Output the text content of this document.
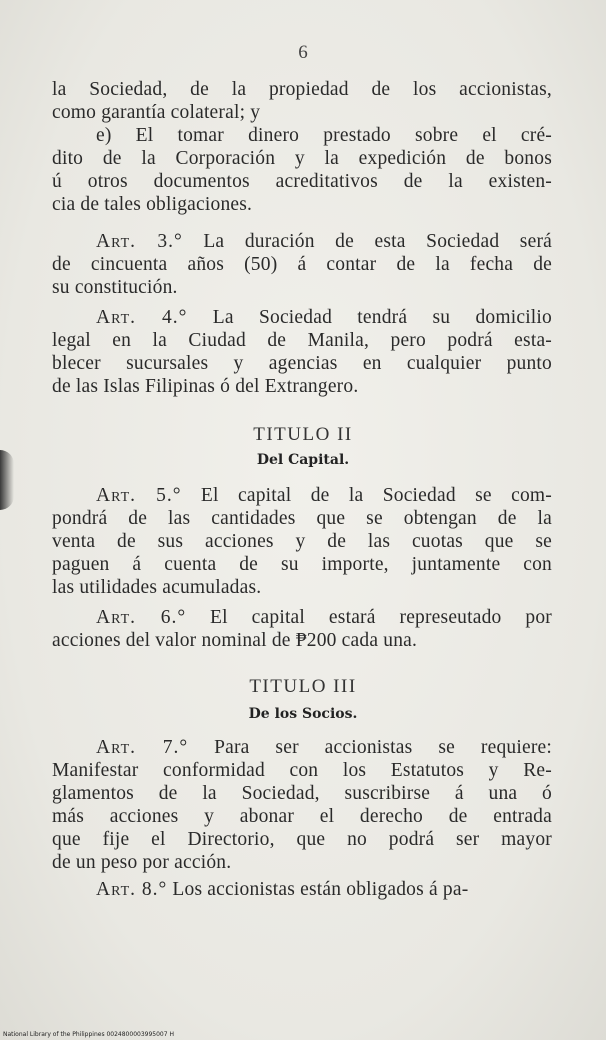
6
la Sociedad, de la propiedad de los accionistas,
como garantía colateral; y
e) El tomar dinero prestado sobre el cré-
dito de la Corporación y la expedición de bonos
ú otros documentos acreditativos de la existen-
cia de tales obligaciones.
Art. 3.° La duración de esta Sociedad será
de cincuenta años (50) á contar de la fecha de
su constitución.
Art. 4.° La Sociedad tendrá su domicilio
legal en la Ciudad de Manila, pero podrá esta-
blecer sucursales y agencias en cualquier punto
de las Islas Filipinas ó del Extrangero.
TITULO II
Del Capital.
Art. 5.° El capital de la Sociedad se com-
pondrá de las cantidades que se obtengan de la
venta de sus acciones y de las cuotas que se
paguen á cuenta de su importe, juntamente con
las utilidades acumuladas.
Art. 6.° El capital estará represeutado por
acciones del valor nominal de ₱200 cada una.
TITULO III
De los Socios.
Art. 7.° Para ser accionistas se requiere:
Manifestar conformidad con los Estatutos y Re-
glamentos de la Sociedad, suscribirse á una ó
más acciones y abonar el derecho de entrada
que fije el Directorio, que no podrá ser mayor
de un peso por acción.
Art. 8.° Los accionistas están obligados á pa-
National Library of the Philippines 0024800003995007 H
